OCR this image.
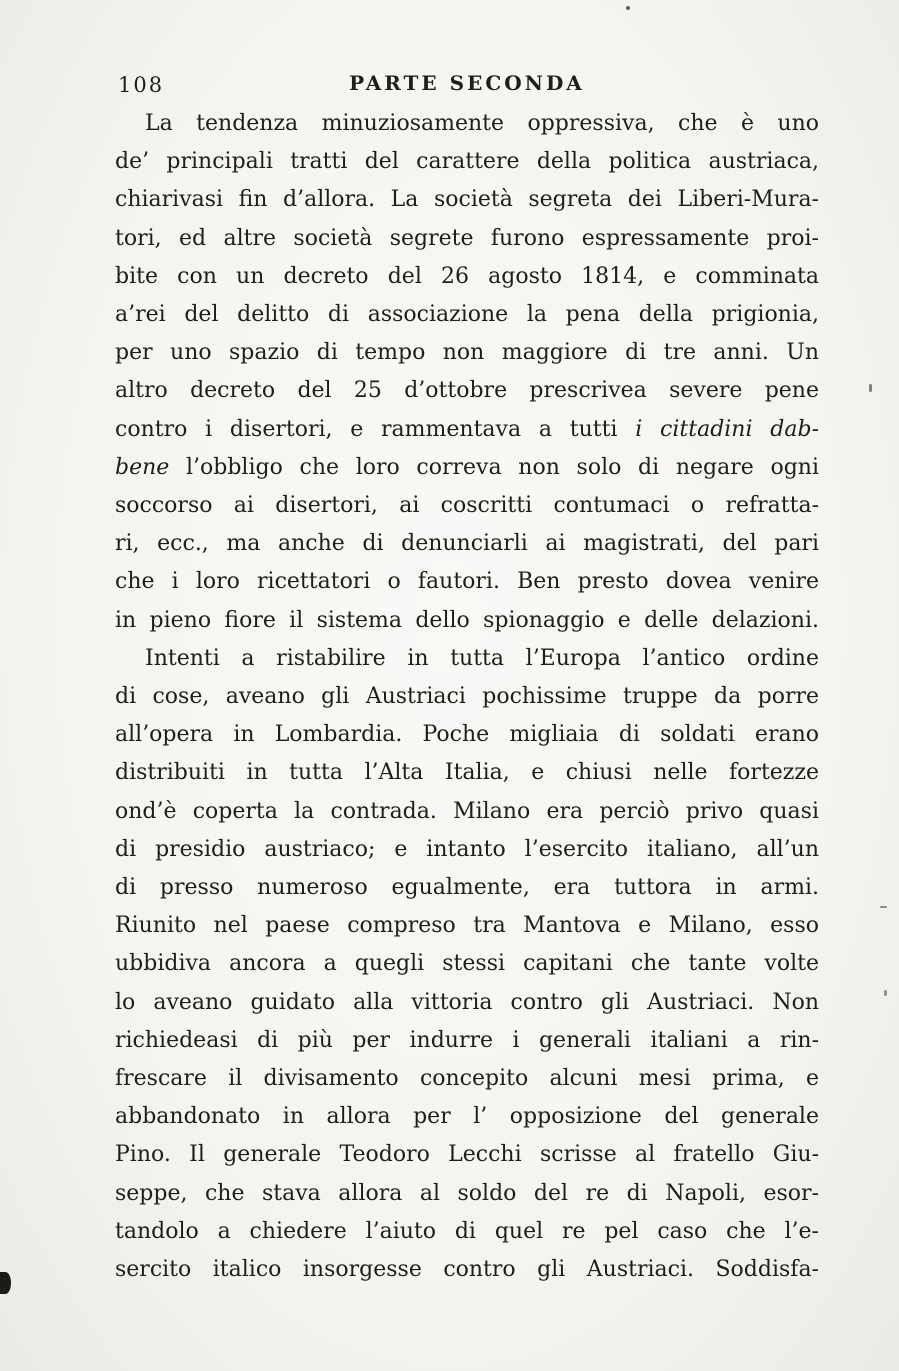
108	PARTE SECONDA
La tendenza minuziosamente oppressiva, che è uno
de’ principali tratti del carattere della politica austriaca,
chiarivasi fin d’allora. La società segreta dei Liberi-Mura-
tori, ed altre società segrete furono espressamente proi-
bite con un decreto del 26 agosto 1814, e comminata
a’rei del delitto di associazione la pena della prigionia,
per uno spazio di tempo non maggiore di tre anni. Un
altro decreto del 25 d’ottobre prescrivea severe pene
contro i disertori, e rammentava a tutti i cittadini dab-
bene l’obbligo che loro correva non solo di negare ogni
soccorso ai disertori, ai coscritti contumaci o refratta-
ri, ecc., ma anche di denunciarli ai magistrati, del pari
che i loro ricettatori o fautori. Ben presto dovea venire
in pieno fiore il sistema dello spionaggio e delle delazioni.
Intenti a ristabilire in tutta l’Europa l’antico ordine
di cose, aveano gli Austriaci pochissime truppe da porre
all’opera in Lombardia. Poche migliaia di soldati erano
distribuiti in tutta l’Alta Italia, e chiusi nelle fortezze
ond’è coperta la contrada. Milano era perciò privo quasi
di presidio austriaco; e intanto l’esercito italiano, all’un
di presso numeroso egualmente, era tuttora in armi.
Riunito nel paese compreso tra Mantova e Milano, esso
ubbidiva ancora a quegli stessi capitani che tante volte
lo aveano guidato alla vittoria contro gli Austriaci. Non
richiedeasi di più per indurre i generali italiani a rin-
frescare il divisamento concepito alcuni mesi prima, e
abbandonato in allora per l’ opposizione del generale
Pino. Il generale Teodoro Lecchi scrisse al fratello Giu-
seppe, che stava allora al soldo del re di Napoli, esor-
tandolo a chiedere l’aiuto di quel re pel caso che l’e-
sercito italico insorgesse contro gli Austriaci. Soddisfa-
